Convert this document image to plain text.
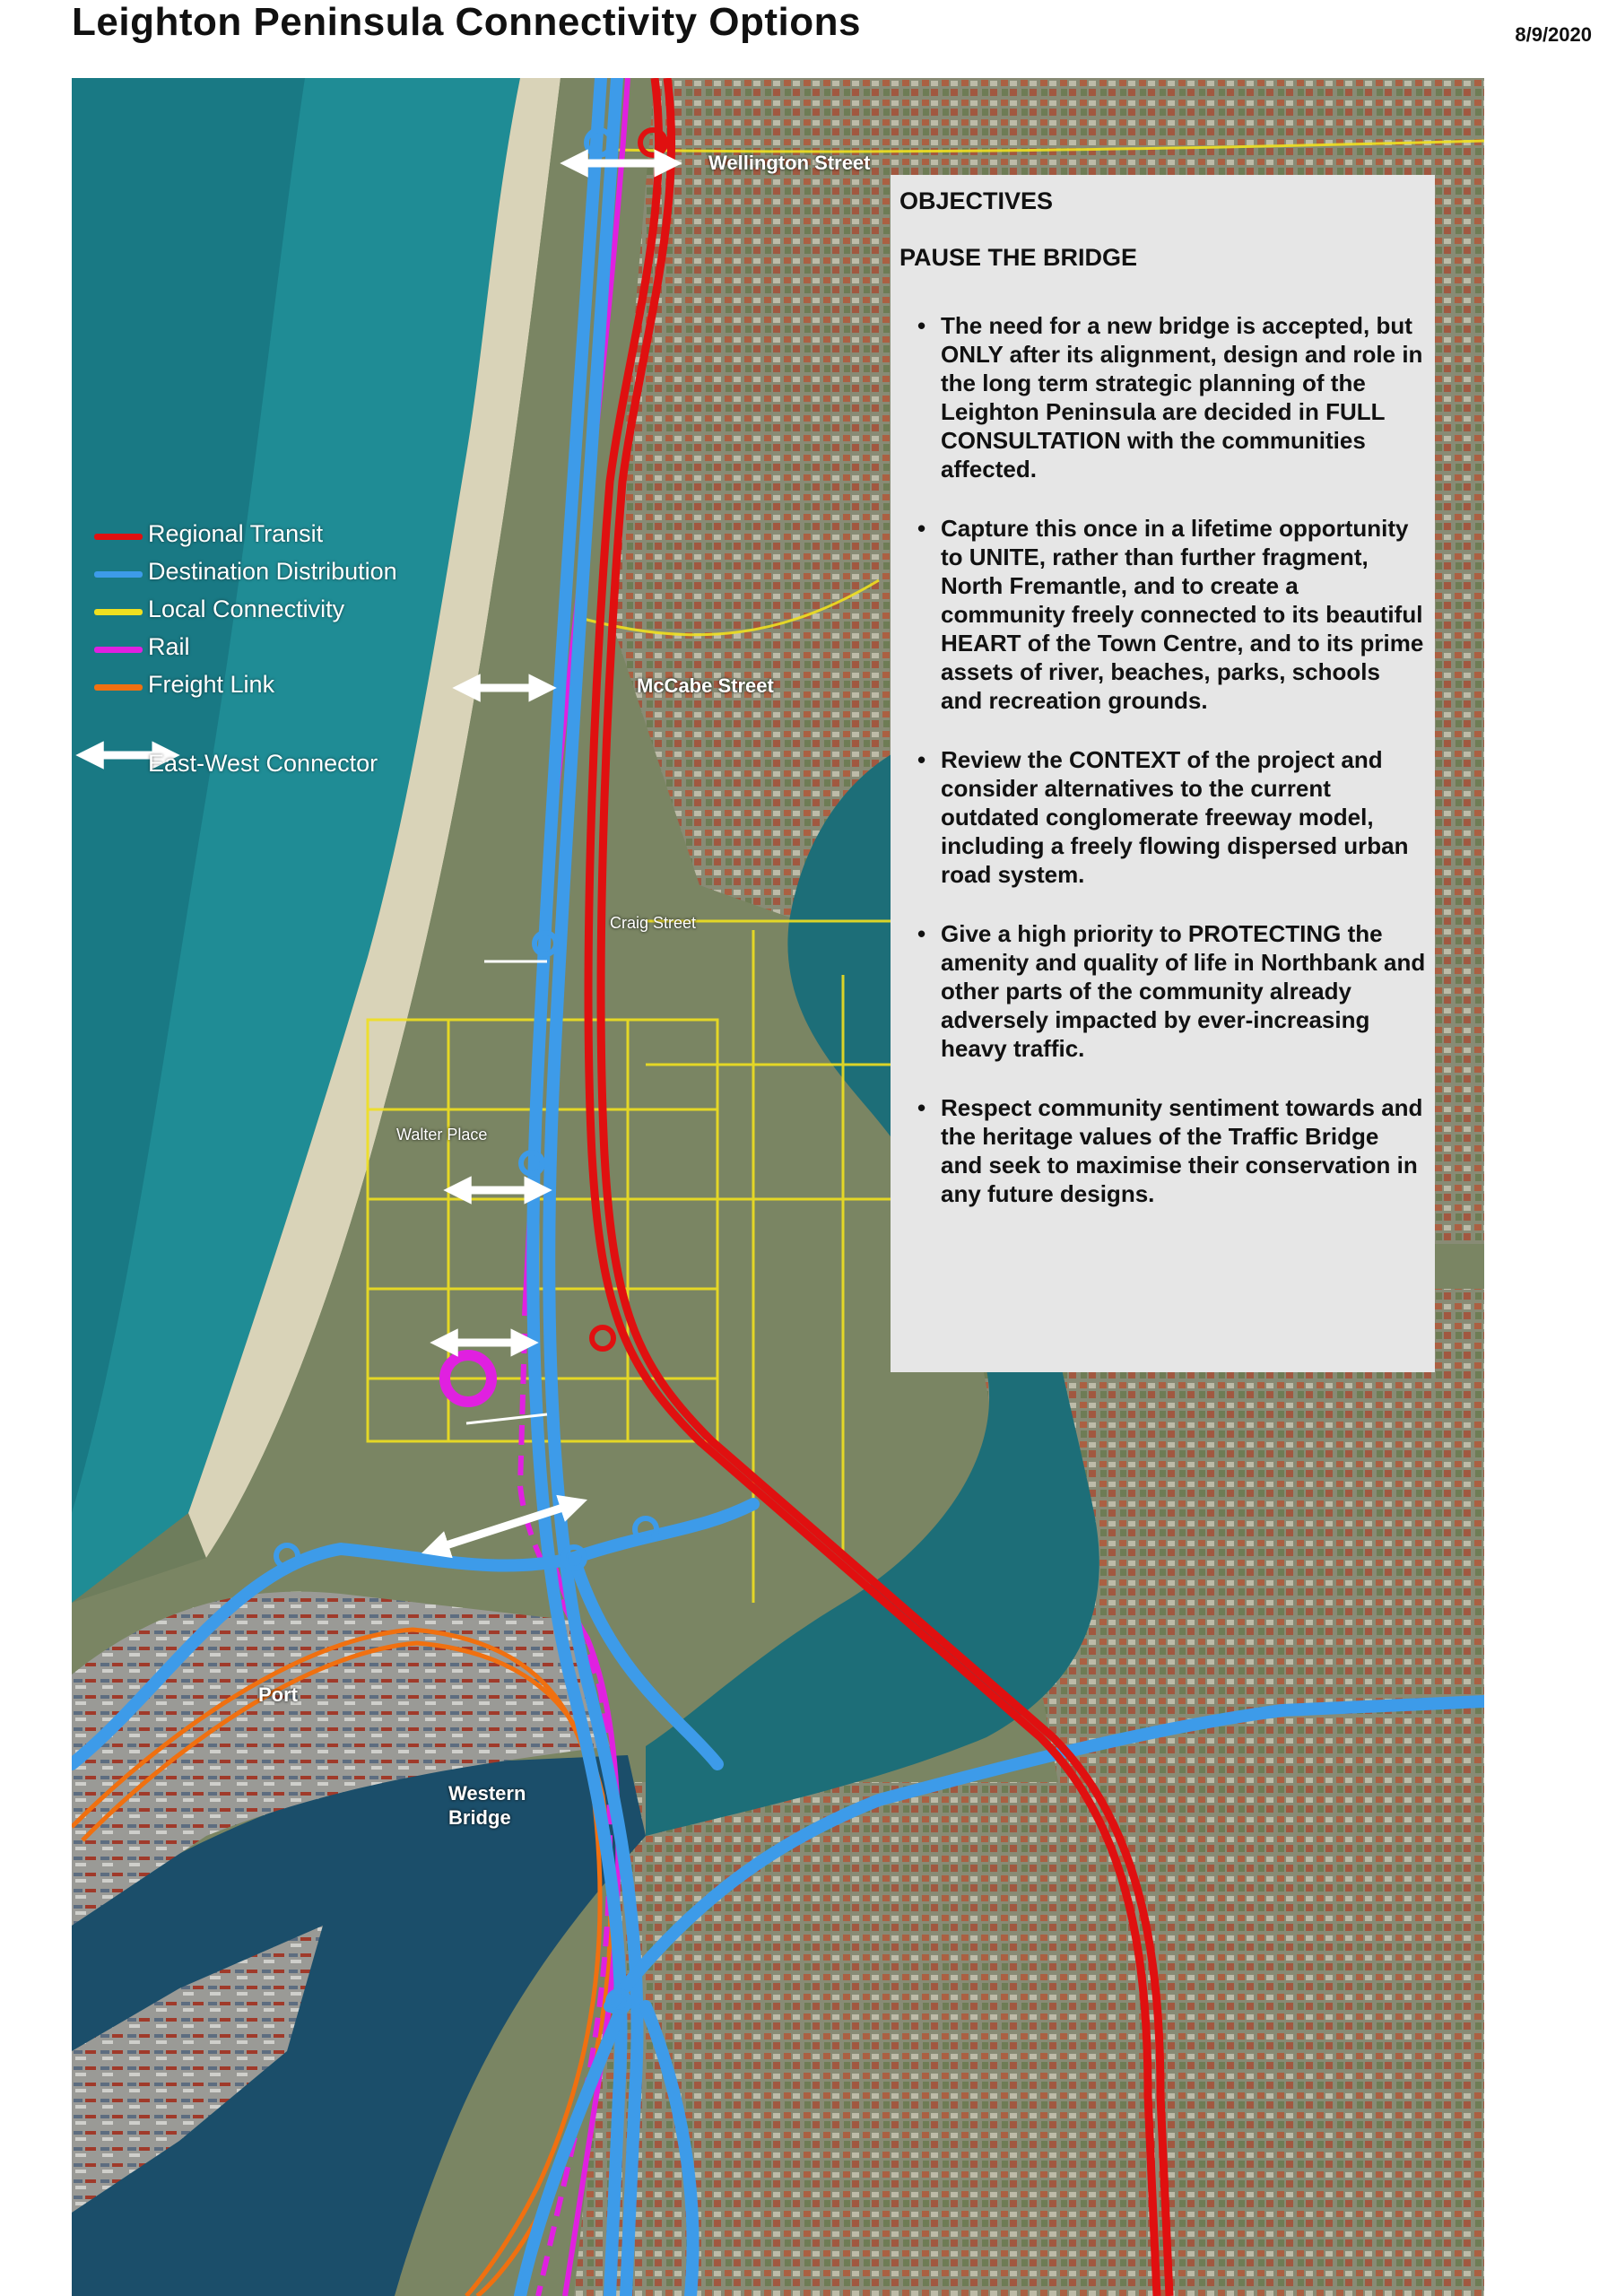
Leighton Peninsula Connectivity Options	8/9/2020
Wellington Street
McCabe Street
Craig Street
Walter Place
Port
Western
Bridge
Regional Transit
Destination Distribution
Local Connectivity
Rail
Freight Link
East-West Connector
OBJECTIVES
PAUSE THE BRIDGE
• The need for a new bridge is accepted, but ONLY after its alignment, design and role in the long term strategic planning of the Leighton Peninsula are decided in FULL CONSULTATION with the communities affected.
• Capture this once in a lifetime opportunity to UNITE, rather than further fragment, North Fremantle, and to create a community freely connected to its beautiful HEART of the Town Centre, and to its prime assets of river, beaches, parks, schools and recreation grounds.
• Review the CONTEXT of the project and consider alternatives to the current outdated conglomerate freeway model, including a freely flowing dispersed urban road system.
• Give a high priority to PROTECTING the amenity and quality of life in Northbank and other parts of the community already adversely impacted by ever-increasing heavy traffic.
• Respect community sentiment towards and the heritage values of the Traffic Bridge and seek to maximise their conservation in any future designs.
